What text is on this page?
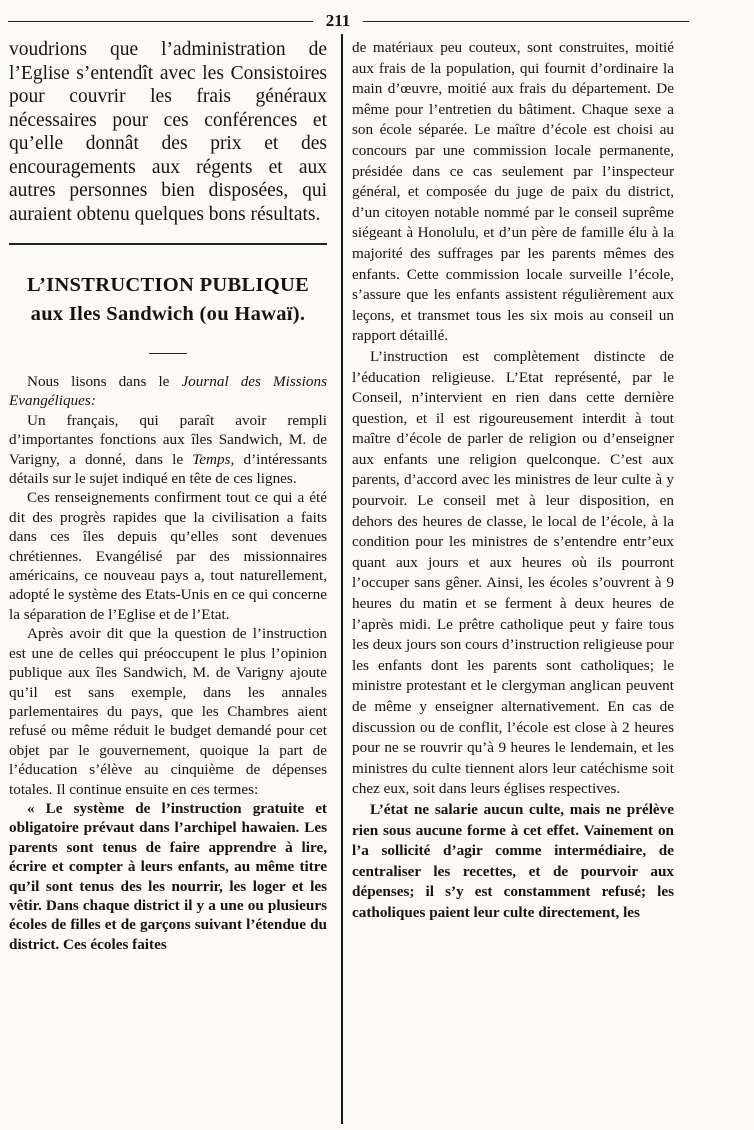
211

voudrions que l’administration de l’Eglise s’entendît avec les Consistoires pour couvrir les frais généraux nécessaires pour ces conférences et qu’elle donnât des prix et des encouragements aux régents et aux autres personnes bien disposées, qui auraient obtenu quelques bons résultats.

L’INSTRUCTION PUBLIQUE
aux Iles Sandwich (ou Hawaï).

Nous lisons dans le Journal des Missions Evangéliques:

Un français, qui paraît avoir rempli d’importantes fonctions aux îles Sandwich, M. de Varigny, a donné, dans le Temps, d’intéressants détails sur le sujet indiqué en tête de ces lignes.

Ces renseignements confirment tout ce qui a été dit des progrès rapides que la civilisation a faits dans ces îles depuis qu’elles sont devenues chrétiennes. Evangélisé par des missionnaires américains, ce nouveau pays a, tout naturellement, adopté le système des Etats-Unis en ce qui concerne la séparation de l’Eglise et de l’Etat.

Après avoir dit que la question de l’instruction est une de celles qui préoccupent le plus l’opinion publique aux îles Sandwich, M. de Varigny ajoute qu’il est sans exemple, dans les annales parlementaires du pays, que les Chambres aient refusé ou même réduit le budget demandé pour cet objet par le gouvernement, quoique la part de l’éducation s’élève au cinquième de dépenses totales. Il continue ensuite en ces termes:

« Le système de l’instruction gratuite et obligatoire prévaut dans l’archipel hawaien. Les parents sont tenus de faire apprendre à lire, écrire et compter à leurs enfants, au même titre qu’il sont tenus des les nourrir, les loger et les vêtir. Dans chaque district il y a une ou plusieurs écoles de filles et de garçons suivant l’étendue du district. Ces écoles faites

de matériaux peu couteux, sont construites, moitié aux frais de la population, qui fournit d’ordinaire la main d’œuvre, moitié aux frais du département. De même pour l’entretien du bâtiment. Chaque sexe a son école séparée. Le maître d’école est choisi au concours par une commission locale permanente, présidée dans ce cas seulement par l’inspecteur général, et composée du juge de paix du district, d’un citoyen notable nommé par le conseil suprême siégeant à Honolulu, et d’un père de famille élu à la majorité des suffrages par les parents mêmes des enfants. Cette commission locale surveille l’école, s’assure que les enfants assistent régulièrement aux leçons, et transmet tous les six mois au conseil un rapport détaillé.

L’instruction est complètement distincte de l’éducation religieuse. L’Etat représenté, par le Conseil, n’intervient en rien dans cette dernière question, et il est rigoureusement interdit à tout maître d’école de parler de religion ou d’enseigner aux enfants une religion quelconque. C’est aux parents, d’accord avec les ministres de leur culte à y pourvoir. Le conseil met à leur disposition, en dehors des heures de classe, le local de l’école, à la condition pour les ministres de s’entendre entr’eux quant aux jours et aux heures où ils pourront l’occuper sans gêner. Ainsi, les écoles s’ouvrent à 9 heures du matin et se ferment à deux heures de l’après midi. Le prêtre catholique peut y faire tous les deux jours son cours d’instruction religieuse pour les enfants dont les parents sont catholiques; le ministre protestant et le clergyman anglican peuvent de même y enseigner alternativement. En cas de discussion ou de conflit, l’école est close à 2 heures pour ne se rouvrir qu’à 9 heures le lendemain, et les ministres du culte tiennent alors leur catéchisme soit chez eux, soit dans leurs églises respectives.

L’état ne salarie aucun culte, mais ne prélève rien sous aucune forme à cet effet. Vainement on l’a sollicité d’agir comme intermédiaire, de centraliser les recettes, et de pourvoir aux dépenses; il s’y est constamment refusé; les catholiques paient leur culte directement, les
